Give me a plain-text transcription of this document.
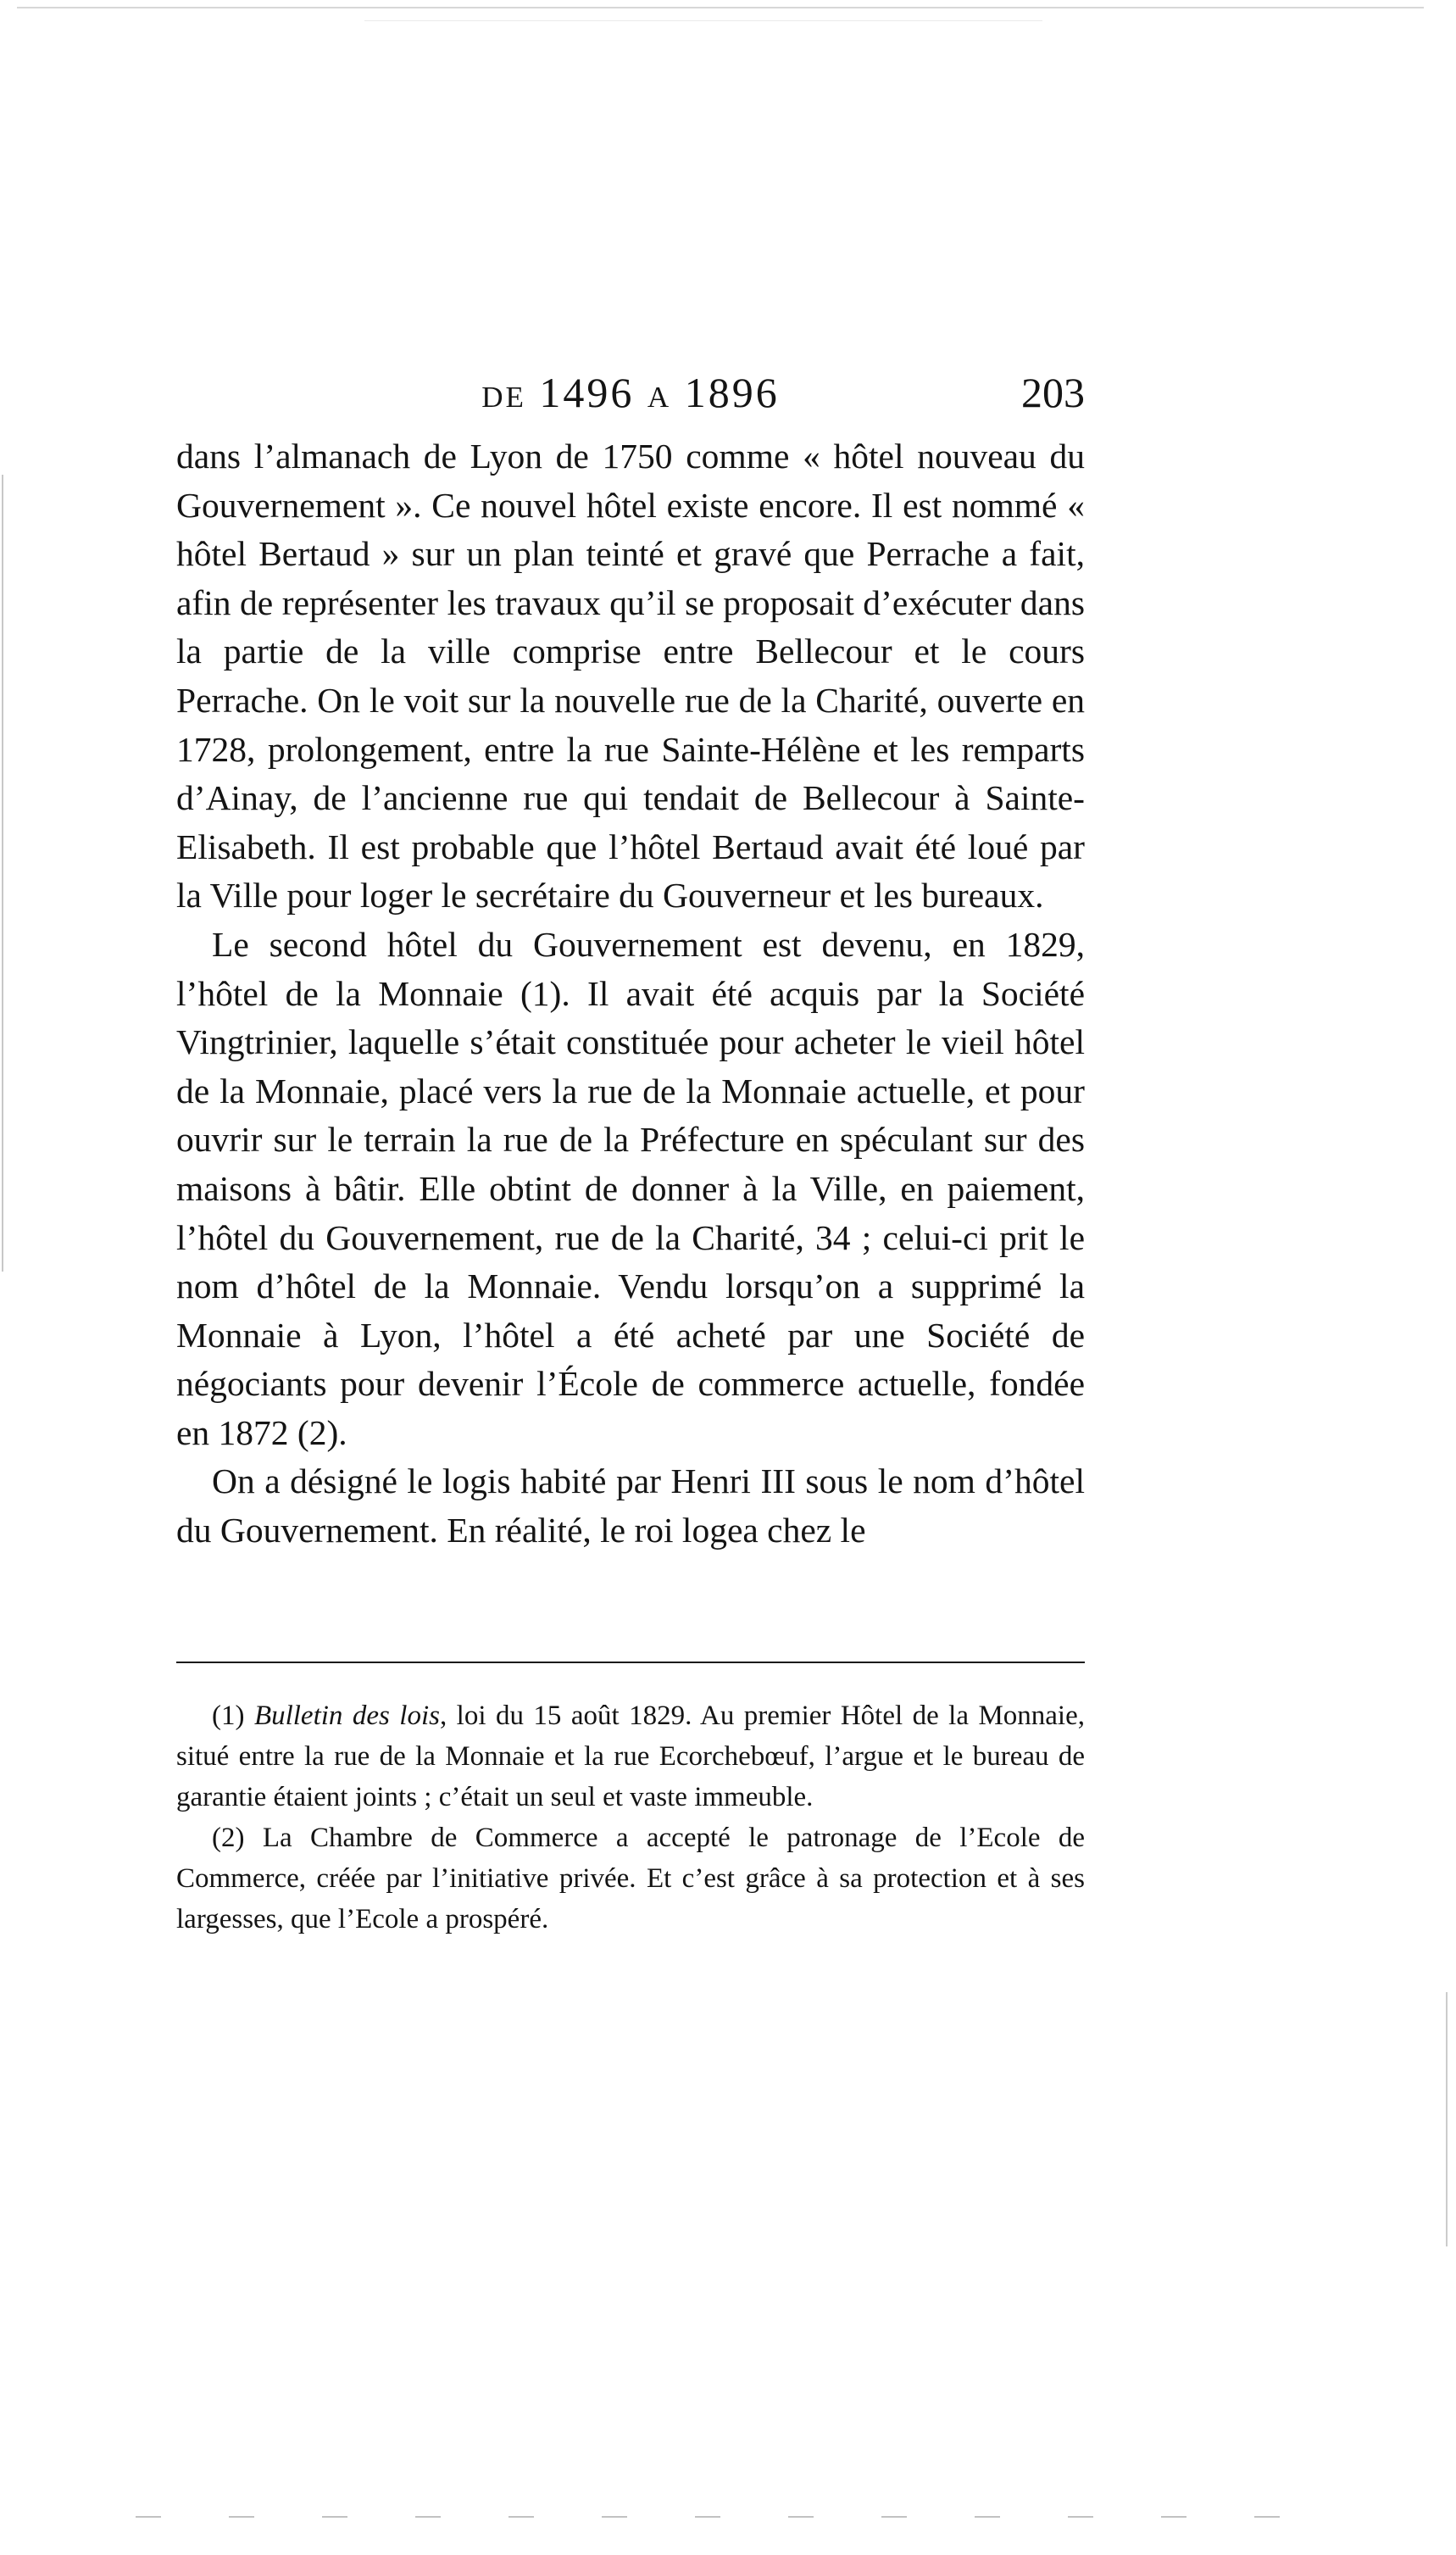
de 1496 a 1896	203

dans l’almanach de Lyon de 1750 comme « hôtel nouveau du Gouvernement ». Ce nouvel hôtel existe encore. Il est nommé « hôtel Bertaud » sur un plan teinté et gravé que Perrache a fait, afin de représenter les travaux qu’il se proposait d’exécuter dans la partie de la ville comprise entre Bellecour et le cours Perrache. On le voit sur la nouvelle rue de la Charité, ouverte en 1728, prolongement, entre la rue Sainte-Hélène et les remparts d’Ainay, de l’ancienne rue qui tendait de Bellecour à Sainte-Elisabeth. Il est probable que l’hôtel Bertaud avait été loué par la Ville pour loger le secrétaire du Gouverneur et les bureaux.

Le second hôtel du Gouvernement est devenu, en 1829, l’hôtel de la Monnaie (1). Il avait été acquis par la Société Vingtrinier, laquelle s’était constituée pour acheter le vieil hôtel de la Monnaie, placé vers la rue de la Monnaie actuelle, et pour ouvrir sur le terrain la rue de la Préfecture en spéculant sur des maisons à bâtir. Elle obtint de donner à la Ville, en paiement, l’hôtel du Gouvernement, rue de la Charité, 34 ; celui-ci prit le nom d’hôtel de la Monnaie. Vendu lorsqu’on a supprimé la Monnaie à Lyon, l’hôtel a été acheté par une Société de négociants pour devenir l’École de commerce actuelle, fondée en 1872 (2).

On a désigné le logis habité par Henri III sous le nom d’hôtel du Gouvernement. En réalité, le roi logea chez le

(1) Bulletin des lois, loi du 15 août 1829. Au premier Hôtel de la Monnaie, situé entre la rue de la Monnaie et la rue Ecorchebœuf, l’argue et le bureau de garantie étaient joints ; c’était un seul et vaste immeuble.

(2) La Chambre de Commerce a accepté le patronage de l’Ecole de Commerce, créée par l’initiative privée. Et c’est grâce à sa protection et à ses largesses, que l’Ecole a prospéré.
